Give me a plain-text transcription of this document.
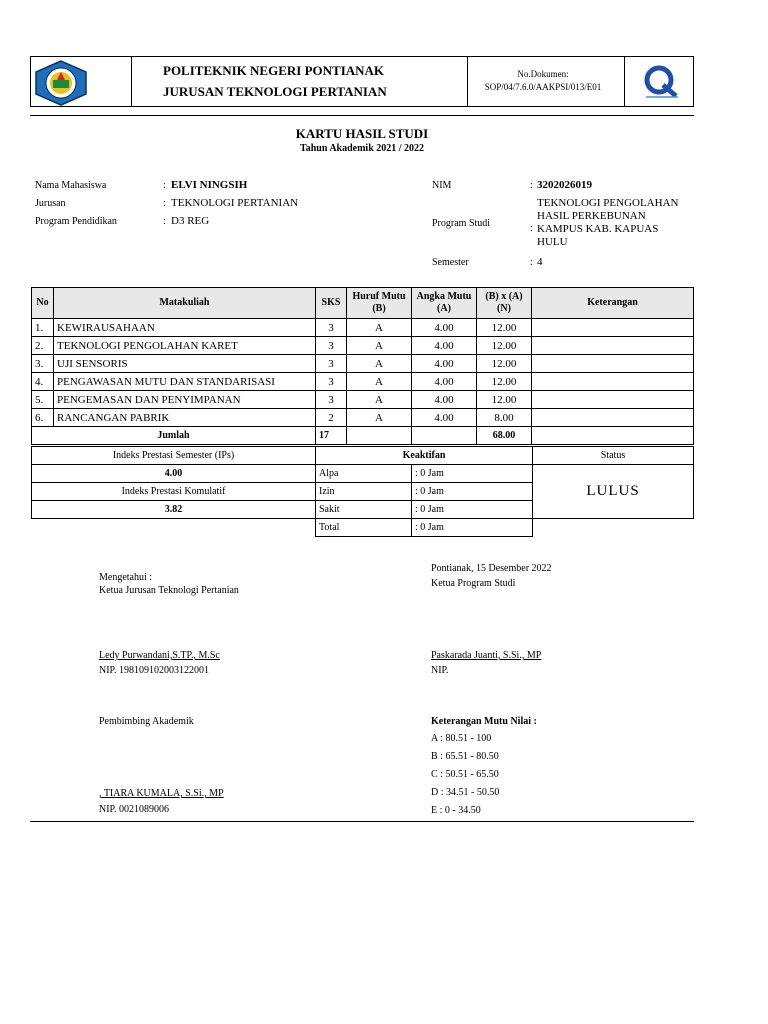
POLITEKNIK NEGERI PONTIANAK
JURUSAN TEKNOLOGI PERTANIAN
No.Dokumen:
SOP/04/7.6.0/AAKPSI/013/E01
KARTU HASIL STUDI
Tahun Akademik 2021 / 2022
Nama Mahasiswa	: ELVI NINGSIH
Jurusan	: TEKNOLOGI PERTANIAN
Program Pendidikan	: D3 REG
NIM	: 3202026019
Program Studi	:
TEKNOLOGI PENGOLAHAN
HASIL PERKEBUNAN
KAMPUS KAB. KAPUAS
HULU
Semester	: 4
No	Matakuliah	SKS	Huruf Mutu (B)	Angka Mutu (A)	(B) x (A) (N)	Keterangan
1.	KEWIRAUSAHAAN	3	A	4.00	12.00	
2.	TEKNOLOGI PENGOLAHAN KARET	3	A	4.00	12.00	
3.	UJI SENSORIS	3	A	4.00	12.00	
4.	PENGAWASAN MUTU DAN STANDARISASI	3	A	4.00	12.00	
5.	PENGEMASAN DAN PENYIMPANAN	3	A	4.00	12.00	
6.	RANCANGAN PABRIK	2	A	4.00	8.00	
Jumlah		17			68.00	
Indeks Prestasi Semester (IPs)	Keaktifan		Status
4.00	Alpa	: 0 Jam	LULUS
Indeks Prestasi Komulatif	Izin	: 0 Jam	
3.82	Sakit	: 0 Jam	
	Total	: 0 Jam	
Mengetahui :
Ketua Jurusan Teknologi Pertanian
Ledy Purwandani,S.TP., M.Sc
NIP. 198109102003122001
Pontianak, 15 Desember 2022
Ketua Program Studi
Paskarada Juanti, S.Si., MP
NIP.
Pembimbing Akademik
, TIARA KUMALA, S.Si., MP
NIP. 0021089006
Keterangan Mutu Nilai :
A : 80.51 - 100
B : 65.51 - 80.50
C : 50.51 - 65.50
D : 34.51 - 50.50
E : 0 - 34.50
